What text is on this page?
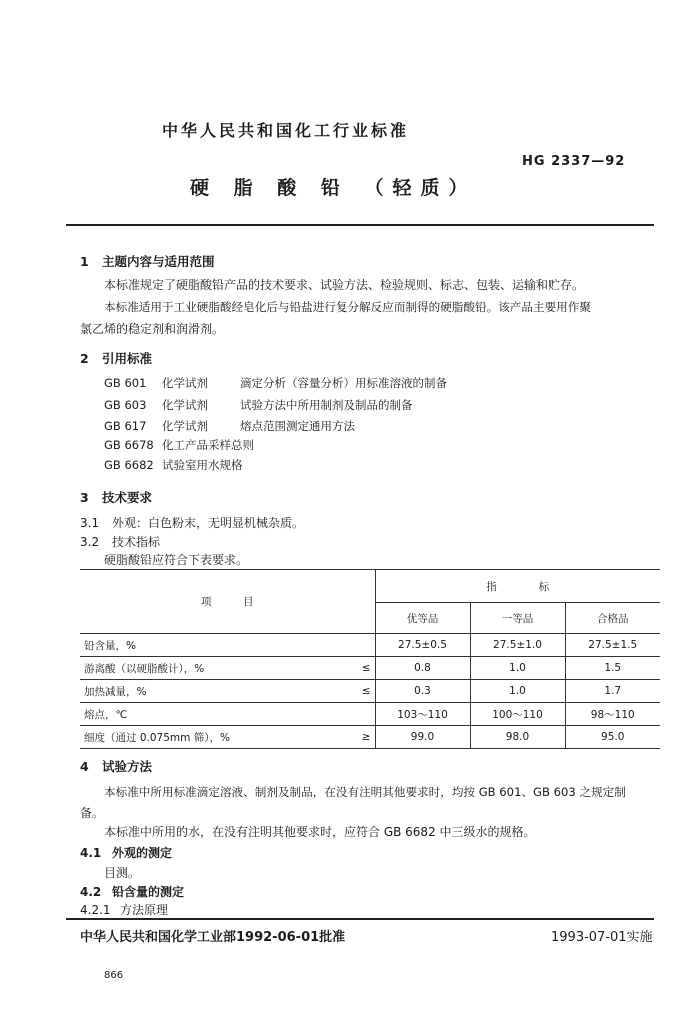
中华人民共和国化工行业标准
HG 2337—92
硬 脂 酸 铅 （轻质）
1 主题内容与适用范围
本标准规定了硬脂酸铅产品的技术要求、试验方法、检验规则、标志、包装、运输和贮存。
本标准适用于工业硬脂酸经皂化后与铅盐进行复分解反应而制得的硬脂酸铅。该产品主要用作聚
氯乙烯的稳定剂和润滑剂。
2 引用标准
GB 601 化学试剂	滴定分析（容量分析）用标准溶液的制备
GB 603 化学试剂	试验方法中所用制剂及制品的制备
GB 617 化学试剂	熔点范围测定通用方法
GB 6678 化工产品采样总则
GB 6682 试验室用水规格
3 技术要求
3.1 外观：白色粉末，无明显机械杂质。
3.2 技术指标
硬脂酸铅应符合下表要求。
项　　　目		指　　　　标		
		优等品	一等品	合格品
铅含量，%		27.5±0.5	27.5±1.0	27.5±1.5
游离酸（以硬脂酸计），%	≤	0.8	1.0	1.5
加热减量，%	≤	0.3	1.0	1.7
熔点，℃		103～110	100～110	98～110
细度（通过 0.075mm 筛），%	≥	99.0	98.0	95.0
4 试验方法
本标准中所用标准滴定溶液、制剂及制品，在没有注明其他要求时，均按 GB 601、GB 603 之规定制
备。
本标准中所用的水，在没有注明其他要求时，应符合 GB 6682 中三级水的规格。
4.1 外观的测定
目测。
4.2 铅含量的测定
4.2.1 方法原理
中华人民共和国化学工业部1992-06-01批准	1993-07-01实施
866
